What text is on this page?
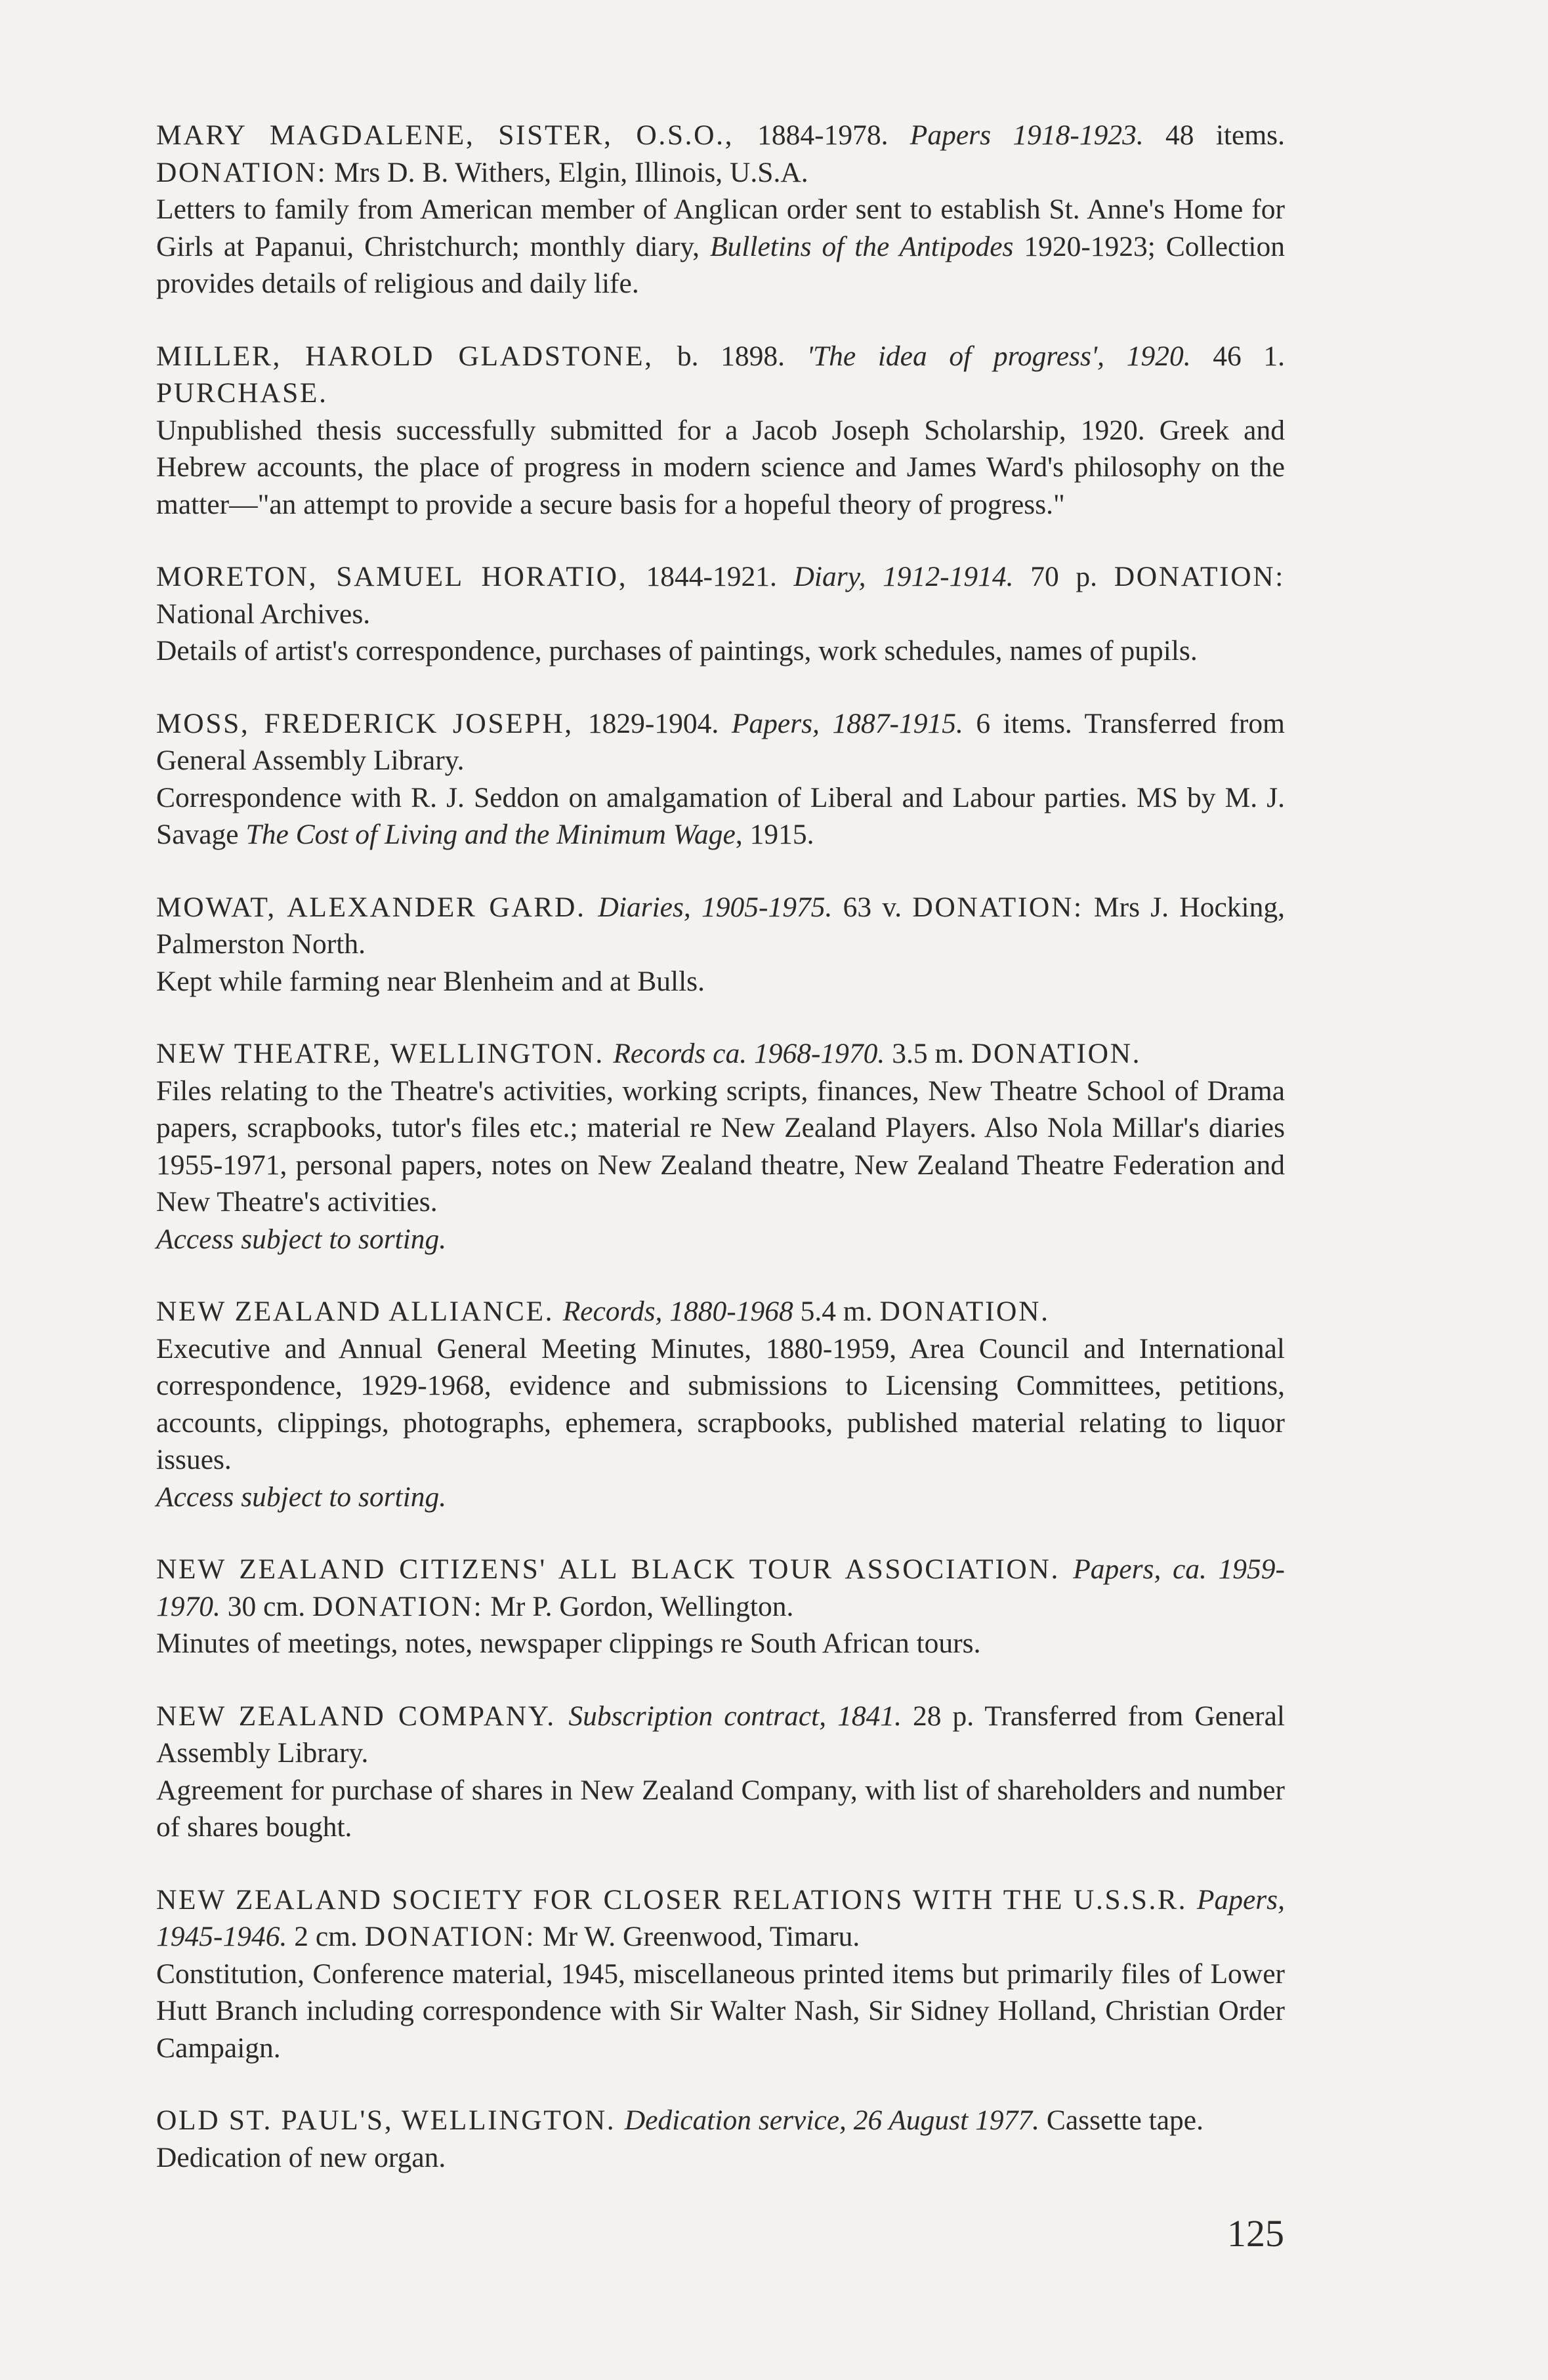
MARY MAGDALENE, SISTER, O.S.O., 1884-1978. Papers 1918-1923. 48 items. DONATION: Mrs D. B. Withers, Elgin, Illinois, U.S.A.

Letters to family from American member of Anglican order sent to establish St. Anne's Home for Girls at Papanui, Christchurch; monthly diary, Bulletins of the Antipodes 1920-1923; Collection provides details of religious and daily life.

MILLER, HAROLD GLADSTONE, b. 1898. 'The idea of progress', 1920. 46 1. PURCHASE.

Unpublished thesis successfully submitted for a Jacob Joseph Scholarship, 1920. Greek and Hebrew accounts, the place of progress in modern science and James Ward's philosophy on the matter—"an attempt to provide a secure basis for a hopeful theory of progress."

MORETON, SAMUEL HORATIO, 1844-1921. Diary, 1912-1914. 70 p. DONATION: National Archives.

Details of artist's correspondence, purchases of paintings, work schedules, names of pupils.

MOSS, FREDERICK JOSEPH, 1829-1904. Papers, 1887-1915. 6 items. Transferred from General Assembly Library.

Correspondence with R. J. Seddon on amalgamation of Liberal and Labour parties. MS by M. J. Savage The Cost of Living and the Minimum Wage, 1915.

MOWAT, ALEXANDER GARD. Diaries, 1905-1975. 63 v. DONATION: Mrs J. Hocking, Palmerston North.

Kept while farming near Blenheim and at Bulls.

NEW THEATRE, WELLINGTON. Records ca. 1968-1970. 3.5 m. DONATION.

Files relating to the Theatre's activities, working scripts, finances, New Theatre School of Drama papers, scrapbooks, tutor's files etc.; material re New Zealand Players. Also Nola Millar's diaries 1955-1971, personal papers, notes on New Zealand theatre, New Zealand Theatre Federation and New Theatre's activities.

Access subject to sorting.

NEW ZEALAND ALLIANCE. Records, 1880-1968 5.4 m. DONATION.

Executive and Annual General Meeting Minutes, 1880-1959, Area Council and International correspondence, 1929-1968, evidence and submissions to Licensing Committees, petitions, accounts, clippings, photographs, ephemera, scrapbooks, published material relating to liquor issues.

Access subject to sorting.

NEW ZEALAND CITIZENS' ALL BLACK TOUR ASSOCIATION. Papers, ca. 1959-1970. 30 cm. DONATION: Mr P. Gordon, Wellington.

Minutes of meetings, notes, newspaper clippings re South African tours.

NEW ZEALAND COMPANY. Subscription contract, 1841. 28 p. Transferred from General Assembly Library.

Agreement for purchase of shares in New Zealand Company, with list of shareholders and number of shares bought.

NEW ZEALAND SOCIETY FOR CLOSER RELATIONS WITH THE U.S.S.R. Papers, 1945-1946. 2 cm. DONATION: Mr W. Greenwood, Timaru.

Constitution, Conference material, 1945, miscellaneous printed items but primarily files of Lower Hutt Branch including correspondence with Sir Walter Nash, Sir Sidney Holland, Christian Order Campaign.

OLD ST. PAUL'S, WELLINGTON. Dedication service, 26 August 1977. Cassette tape.

Dedication of new organ.

125
